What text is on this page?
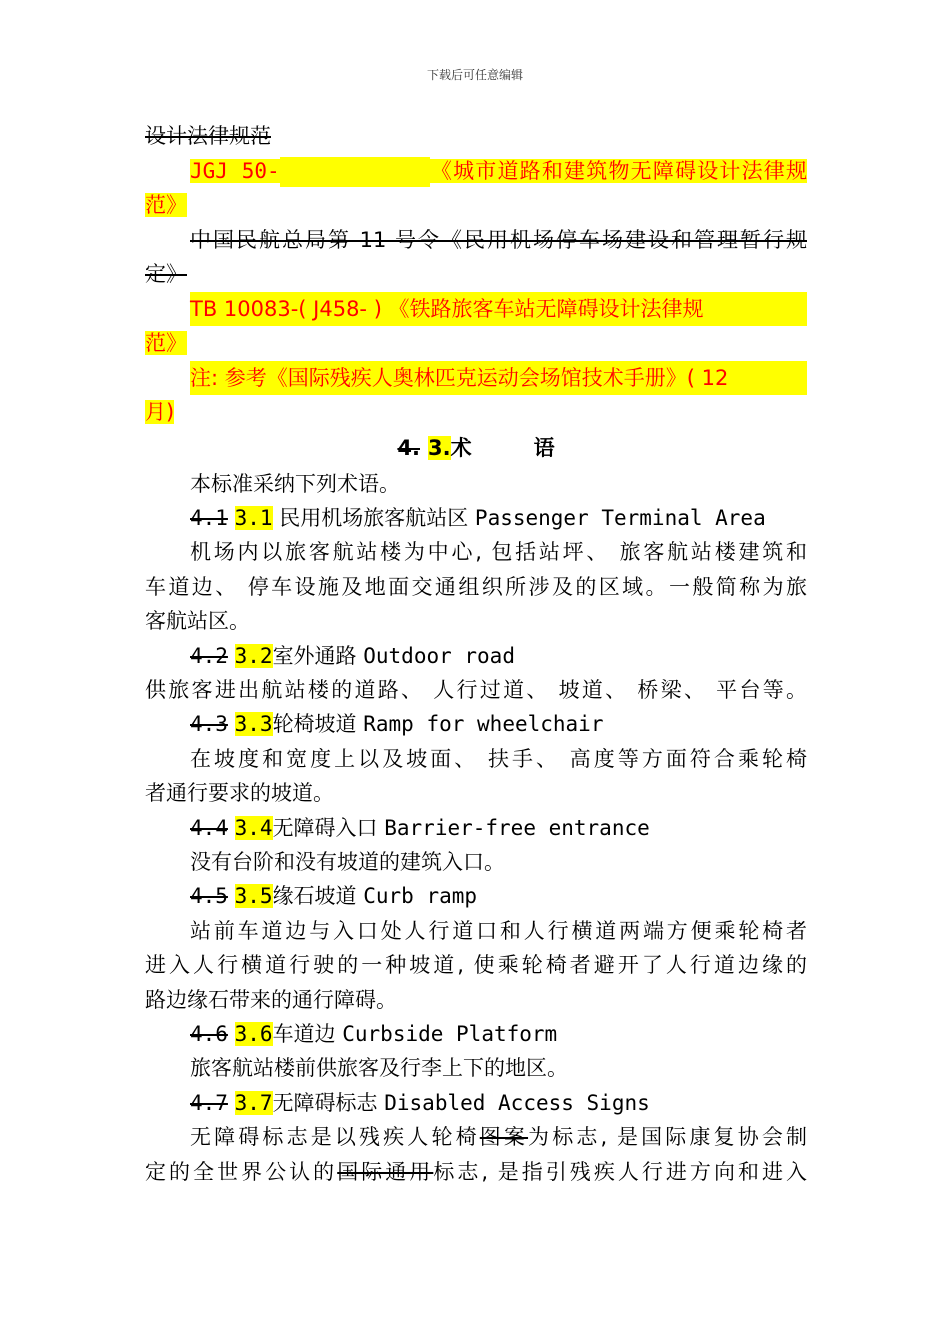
下载后可任意编辑
设计法律规范
JGJ 50-	《城市道路和建筑物无障碍设计法律规
范》
中国民航总局第 11 号令《民用机场停车场建设和管理暂行规
定》
TB 10083-( J458- ) 《铁路旅客车站无障碍设计法律规
范》
注: 参考《国际残疾人奥林匹克运动会场馆技术手册》( 12
月)
4. 3.术	语
本标准采纳下列术语。
4.1 3.1 民用机场旅客航站区 Passenger Terminal Area
机场内以旅客航站楼为中心, 包括站坪、 旅客航站楼建筑和
车道边、 停车设施及地面交通组织所涉及的区域。一般简称为旅
客航站区。
4.2 3.2室外通路 Outdoor road
供旅客进出航站楼的道路、 人行过道、 坡道、 桥梁、 平台等。
4.3 3.3轮椅坡道 Ramp for wheelchair
在坡度和宽度上以及坡面、 扶手、 高度等方面符合乘轮椅
者通行要求的坡道。
4.4 3.4无障碍入口 Barrier-free entrance
没有台阶和没有坡道的建筑入口。
4.5 3.5缘石坡道 Curb ramp
站前车道边与入口处人行道口和人行横道两端方便乘轮椅者
进入人行横道行驶的一种坡道, 使乘轮椅者避开了人行道边缘的
路边缘石带来的通行障碍。
4.6 3.6车道边 Curbside Platform
旅客航站楼前供旅客及行李上下的地区。
4.7 3.7无障碍标志 Disabled Access Signs
无障碍标志是以残疾人轮椅图案为标志, 是国际康复协会制
定的全世界公认的国际通用标志, 是指引残疾人行进方向和进入
